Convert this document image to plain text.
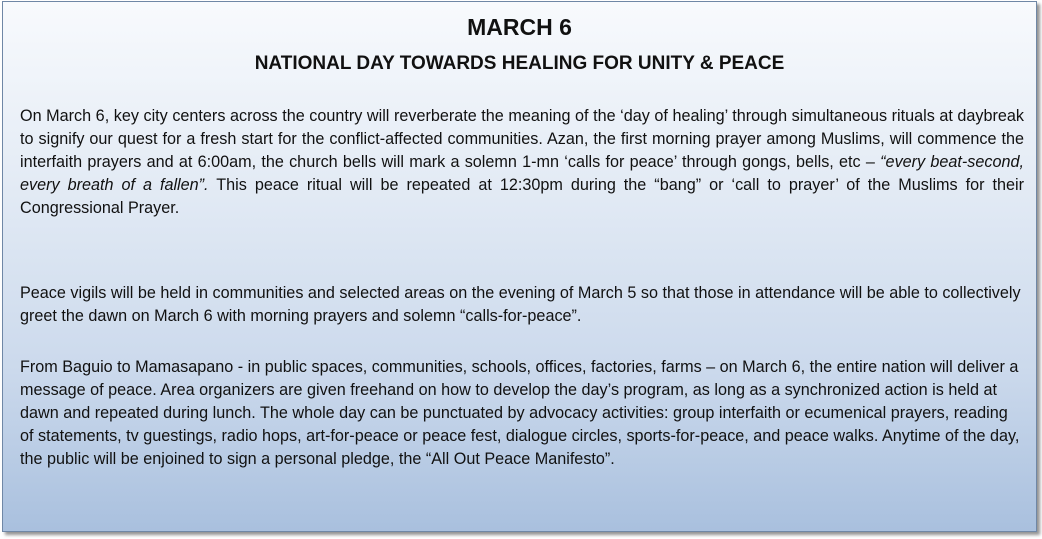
MARCH 6
NATIONAL DAY TOWARDS HEALING FOR UNITY & PEACE

On March 6, key city centers across the country will reverberate the meaning of the ‘day of healing’ through simultaneous rituals at daybreak to signify our quest for a fresh start for the conflict-affected communities. Azan, the first morning prayer among Muslims, will commence the interfaith prayers and at 6:00am, the church bells will mark a solemn 1-mn ‘calls for peace’ through gongs, bells, etc – “every beat-second, every breath of a fallen”. This peace ritual will be repeated at 12:30pm during the “bang” or ‘call to prayer’ of the Muslims for their Congressional Prayer.

Peace vigils will be held in communities and selected areas on the evening of March 5 so that those in attendance will be able to collectively greet the dawn on March 6 with morning prayers and solemn “calls-for-peace”.

From Baguio to Mamasapano - in public spaces, communities, schools, offices, factories, farms – on March 6, the entire nation will deliver a message of peace. Area organizers are given freehand on how to develop the day’s program, as long as a synchronized action is held at dawn and repeated during lunch. The whole day can be punctuated by advocacy activities: group interfaith or ecumenical prayers, reading of statements, tv guestings, radio hops, art-for-peace or peace fest, dialogue circles, sports-for-peace, and peace walks. Anytime of the day, the public will be enjoined to sign a personal pledge, the “All Out Peace Manifesto”.
